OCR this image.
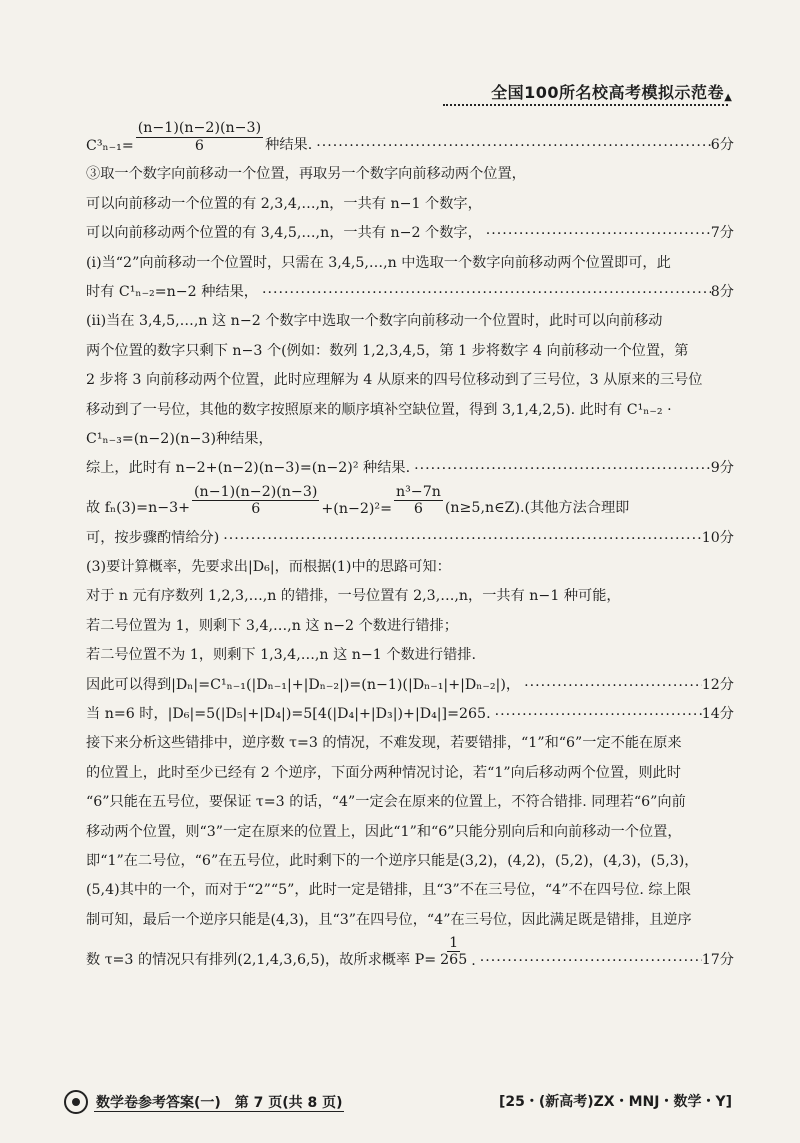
全国100所名校高考模拟示范卷 ▲
$C^3_{n-1}= \frac{(n-1)(n-2)(n-3)}{6}$ 种结果. ·····	6分
③取一个数字向前移动一个位置，再取另一个数字向前移动两个位置，
可以向前移动一个位置的有 2,3,4,…,n，一共有 n−1 个数字，
可以向前移动两个位置的有 3,4,5,…,n，一共有 n−2 个数字， ·····	7分
(i)当“2”向前移动一个位置时，只需在 3,4,5,…,n 中选取一个数字向前移动两个位置即可，此
时有 C¹ₙ₋₂=n−2 种结果， ·····	8分
(ii)当在 3,4,5,…,n 这 n−2 个数字中选取一个数字向前移动一个位置时，此时可以向前移动
两个位置的数字只剩下 n−3 个(例如：数列 1,2,3,4,5，第 1 步将数字 4 向前移动一个位置，第
2 步将 3 向前移动两个位置，此时应理解为 4 从原来的四号位移动到了三号位，3 从原来的三号位
移动到了一号位，其他的数字按照原来的顺序填补空缺位置，得到 3,1,4,2,5). 此时有 C¹ₙ₋₂ ·
C¹ₙ₋₃=(n−2)(n−3)种结果，
综上，此时有 n−2+(n−2)(n−3)=(n−2)² 种结果. ·····	9分
故 $f_n(3)=n-3+ \frac{(n-1)(n-2)(n-3)}{6} +(n-2)^2= \frac{\text{n³−7n}}{6}$ (n≥5,n∈Z).(其他方法合理即
可，按步骤酌情给分) ·····	10分
(3)要计算概率，先要求出|D₆|，而根据(1)中的思路可知：
对于 n 元有序数列 1,2,3,…,n 的错排，一号位置有 2,3,…,n，一共有 n−1 种可能，
若二号位置为 1，则剩下 3,4,…,n 这 n−2 个数进行错排；
若二号位置不为 1，则剩下 1,3,4,…,n 这 n−1 个数进行错排.
因此可以得到|Dₙ|=C¹ₙ₋₁(|Dₙ₋₁|+|Dₙ₋₂|)=(n−1)(|Dₙ₋₁|+|Dₙ₋₂|)， ·····	12分
当 n=6 时，|D₆|=5(|D₅|+|D₄|)=5[4(|D₄|+|D₃|)+|D₄|]=265. ·····	14分
接下来分析这些错排中，逆序数 τ=3 的情况，不难发现，若要错排，“1”和“6”一定不能在原来
的位置上，此时至少已经有 2 个逆序，下面分两种情况讨论，若“1”向后移动两个位置，则此时
“6”只能在五号位，要保证 τ=3 的话，“4”一定会在原来的位置上，不符合错排. 同理若“6”向前
移动两个位置，则“3”一定在原来的位置上，因此“1”和“6”只能分别向后和向前移动一个位置，
即“1”在二号位，“6”在五号位，此时剩下的一个逆序只能是(3,2)，(4,2)，(5,2)，(4,3)，(5,3)，
(5,4)其中的一个，而对于“2”“5”，此时一定是错排，且“3”不在三号位，“4”不在四号位. 综上限
制可知，最后一个逆序只能是(4,3)，且“3”在四号位，“4”在三号位，因此满足既是错排，且逆序
数 τ=3 的情况只有排列(2,1,4,3,6,5)，故所求概率 $P= \frac{1}{265}$ . ·····	17分
数学卷参考答案(一)　第 7 页(共 8 页)	[25・(新高考)ZX・MNJ・数学・Y]
